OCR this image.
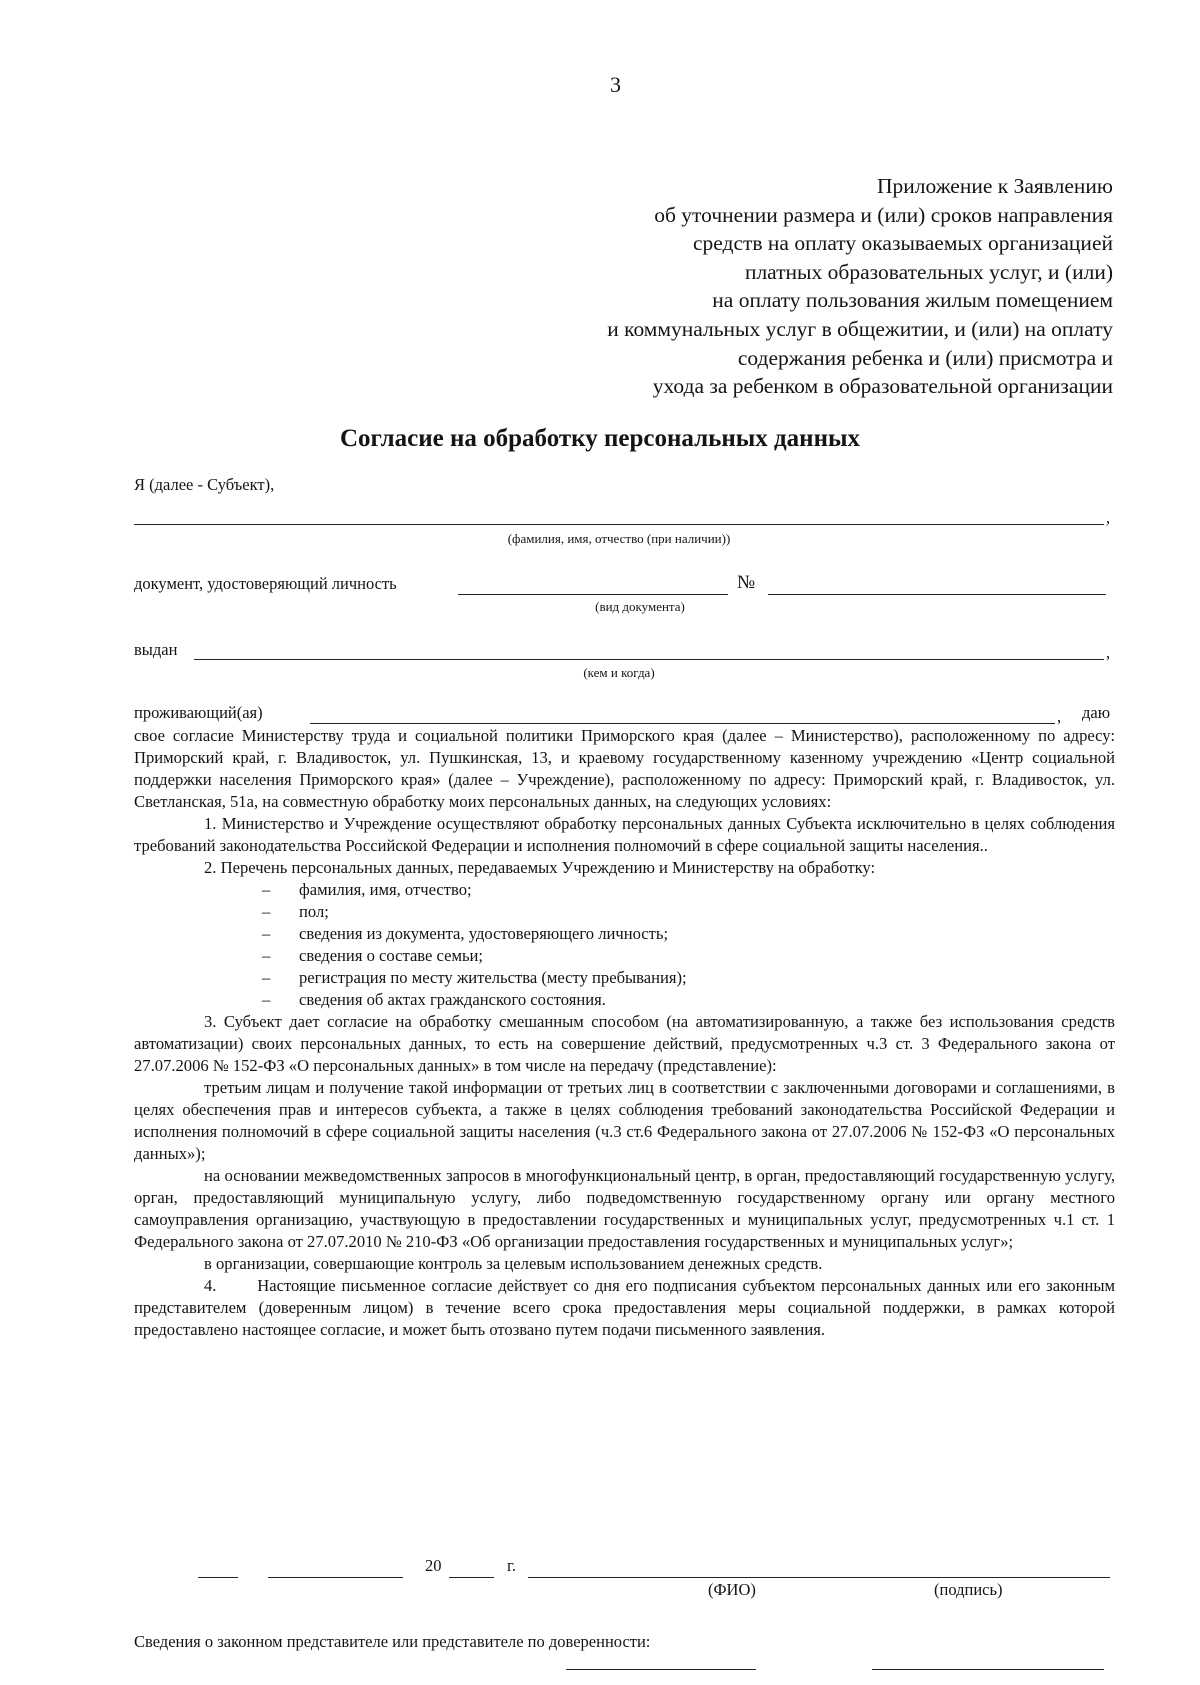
3
Приложение к Заявлению
об уточнении размера и (или) сроков направления
средств на оплату оказываемых организацией
платных образовательных услуг, и (или)
на оплату пользования жилым помещением
и коммунальных услуг в общежитии, и (или) на оплату
содержания ребенка и (или) присмотра и
ухода за ребенком в образовательной организации
Согласие на обработку персональных данных
Я (далее - Субъект),
,
(фамилия, имя, отчество (при наличии))
документ, удостоверяющий личность	№
(вид документа)
выдан	,
(кем и когда)
проживающий(ая)	, даю

свое согласие Министерству труда и социальной политики Приморского края (далее – Министерство), расположенному по адресу: Приморский край, г. Владивосток, ул. Пушкинская, 13, и краевому государственному казенному учреждению «Центр социальной поддержки населения Приморского края» (далее – Учреждение), расположенному по адресу: Приморский край, г. Владивосток, ул. Светланская, 51а, на совместную обработку моих персональных данных, на следующих условиях:

1. Министерство и Учреждение осуществляют обработку персональных данных Субъекта исключительно в целях соблюдения требований законодательства Российской Федерации и исполнения полномочий в сфере социальной защиты населения..

2. Перечень персональных данных, передаваемых Учреждению и Министерству на обработку:

– фамилия, имя, отчество;
– пол;
– сведения из документа, удостоверяющего личность;
– сведения о составе семьи;
– регистрация по месту жительства (месту пребывания);
– сведения об актах гражданского состояния.

3. Субъект дает согласие на обработку смешанным способом (на автоматизированную, а также без использования средств автоматизации) своих персональных данных, то есть на совершение действий, предусмотренных ч.3 ст. 3 Федерального закона от 27.07.2006 № 152-ФЗ «О персональных данных» в том числе на передачу (представление):

третьим лицам и получение такой информации от третьих лиц в соответствии с заключенными договорами и соглашениями, в целях обеспечения прав и интересов субъекта, а также в целях соблюдения требований законодательства Российской Федерации и исполнения полномочий в сфере социальной защиты населения (ч.3 ст.6 Федерального закона от 27.07.2006 № 152-ФЗ «О персональных данных»);

на основании межведомственных запросов в многофункциональный центр, в орган, предоставляющий государственную услугу, орган, предоставляющий муниципальную услугу, либо подведомственную государственному органу или органу местного самоуправления организацию, участвующую в предоставлении государственных и муниципальных услуг, предусмотренных ч.1 ст. 1 Федерального закона от 27.07.2010 № 210-ФЗ «Об организации предоставления государственных и муниципальных услуг»;

в организации, совершающие контроль за целевым использованием денежных средств.

4.       Настоящие письменное согласие действует со дня его подписания субъектом персональных данных или его законным представителем (доверенным лицом) в течение всего срока предоставления меры социальной поддержки, в рамках которой предоставлено настоящее согласие, и может быть отозвано путем подачи письменного заявления.

20	г.
(ФИО)	(подпись)
Сведения о законном представителе или представителе по доверенности:
